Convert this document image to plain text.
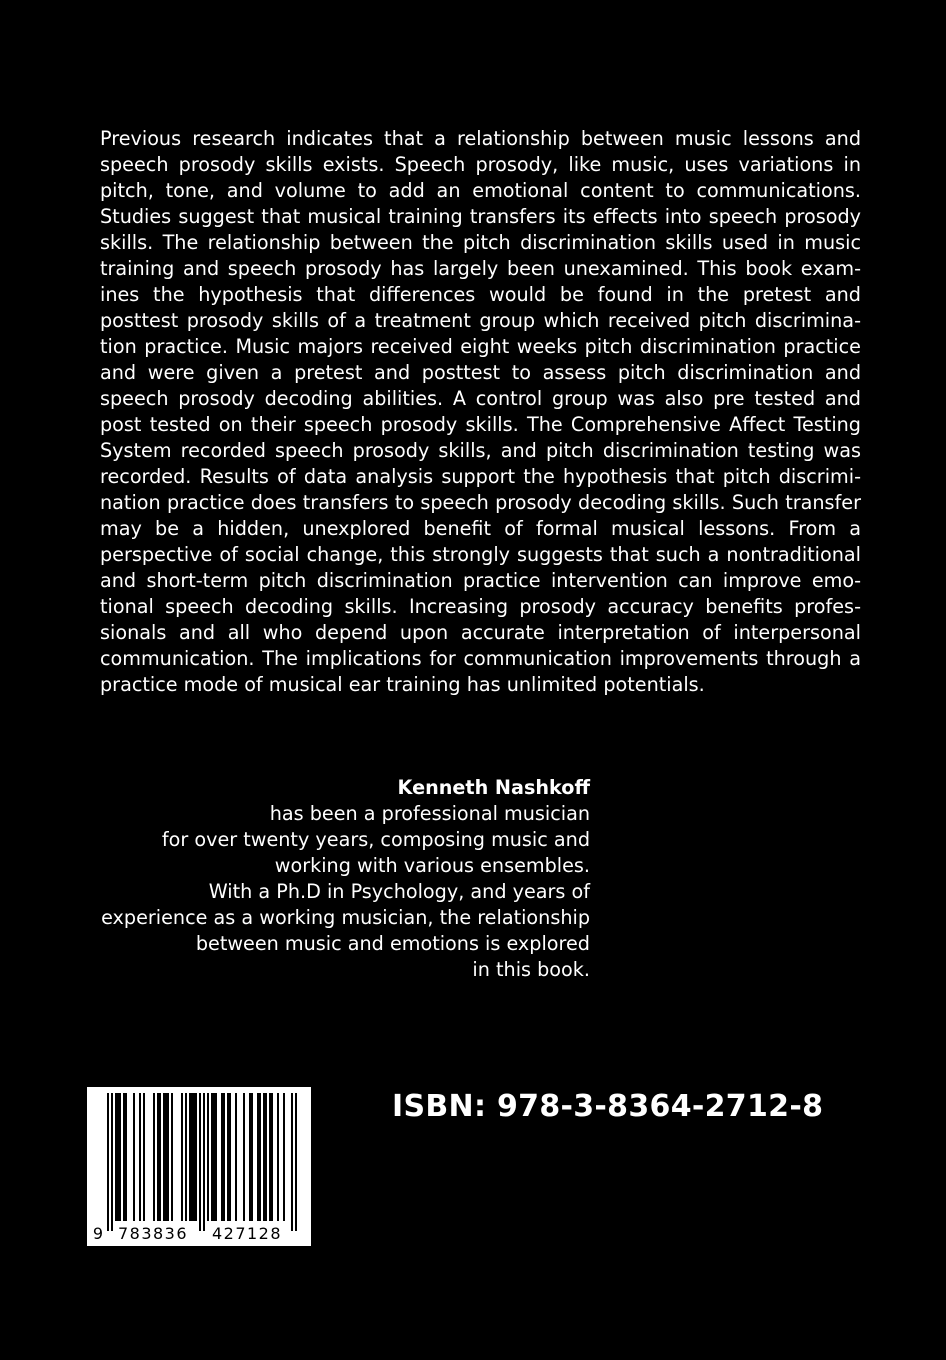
Previous research indicates that a relationship between music lessons and speech prosody skills exists. Speech prosody, like music, uses variations in pitch, tone, and volume to add an emotional content to communications. Studies suggest that musical training transfers its effects into speech prosody skills. The relationship between the pitch discrimination skills used in music training and speech prosody has largely been unexamined. This book examines the hypothesis that differences would be found in the pretest and posttest prosody skills of a treatment group which received pitch discrimination practice. Music majors received eight weeks pitch discrimination practice and were given a pretest and posttest to assess pitch discrimination and speech prosody decoding abilities. A control group was also pre tested and post tested on their speech prosody skills. The Comprehensive Affect Testing System recorded speech prosody skills, and pitch discrimination testing was recorded. Results of data analysis support the hypothesis that pitch discrimination practice does transfers to speech prosody decoding skills. Such transfer may be a hidden, unexplored benefit of formal musical lessons. From a perspective of social change, this strongly suggests that such a nontraditional and short-term pitch discrimination practice intervention can improve emotional speech decoding skills. Increasing prosody accuracy benefits professionals and all who depend upon accurate interpretation of interpersonal communication. The implications for communication improvements through a practice mode of musical ear training has unlimited potentials.

Kenneth Nashkoff
has been a professional musician
for over twenty years, composing music and
working with various ensembles.
With a Ph.D in Psychology, and years of
experience as a working musician, the relationship
between music and emotions is explored
in this book.
9 783836 427128
ISBN: 978-3-8364-2712-8
